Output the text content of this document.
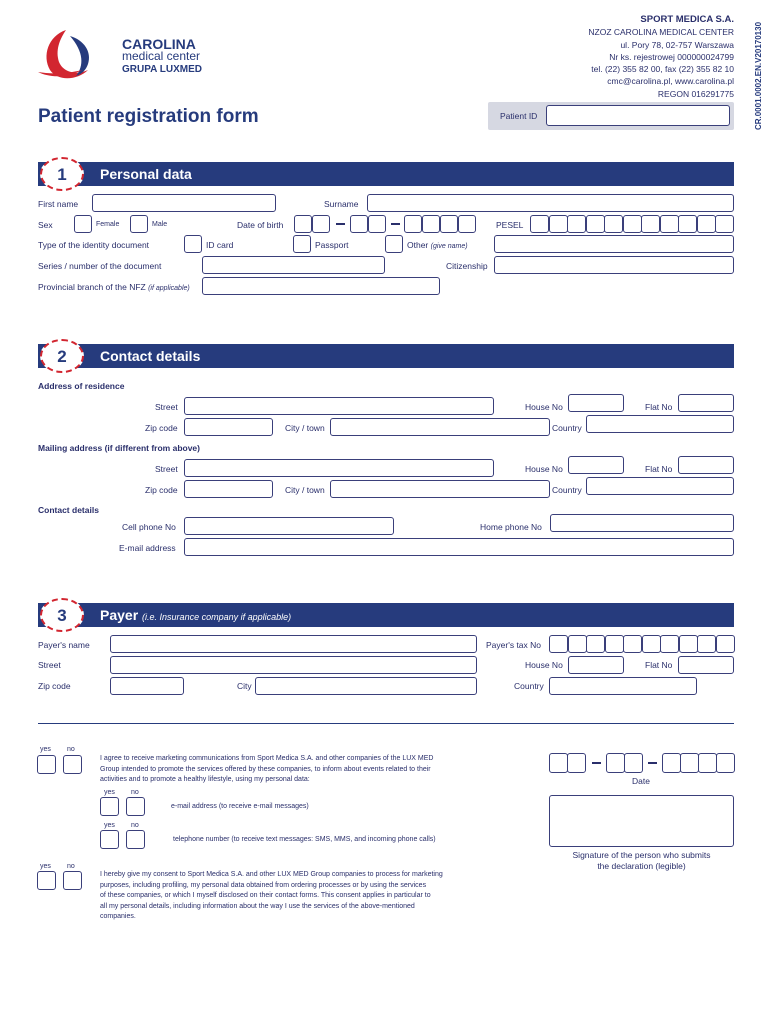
CAROLINA
medical center
GRUPA LUXMED
SPORT MEDICA S.A.
NZOZ CAROLINA MEDICAL CENTER
ul. Pory 78, 02-757 Warszawa
Nr ks. rejestrowej 000000024799
tel. (22) 355 82 00, fax (22) 355 82 10
cmc@carolina.pl, www.carolina.pl
REGON 016291775	CR.0001.0002.EN.V20170130
Patient registration form	Patient ID
Personal data
1
First name	Surname
Sex	Female	Male	Date of birth	PESEL
Type of the identity document	ID card	Passport	Other (give name)
Series / number of the document	Citizenship
Provincial branch of the NFZ (if applicable)
Contact details
2
Address of residence
Street	House No	Flat No
Zip code	City / town	Country
Mailing address (if different from above)
Street	House No	Flat No
Zip code	City / town	Country
Contact details
Cell phone No	Home phone No
E-mail address
Payer (i.e. Insurance company if applicable)
3
Payer's name	Payer's tax No
Street	House No	Flat No
Zip code	City	Country
yes no
I agree to receive marketing communications from Sport Medica S.A. and other companies of the LUX MED
Group intended to promote the services offered by these companies, to inform about events related to their
activities and to promote a healthy lifestyle, using my personal data:
yes no
e-mail address (to receive e-mail messages)
yes no
telephone number (to receive text messages: SMS, MMS, and incoming phone calls)
yes no
I hereby give my consent to Sport Medica S.A. and other LUX MED Group companies to process for marketing
purposes, including profiling, my personal data obtained from ordering processes or by using the services
of these companies, or which I myself disclosed on their contact forms. This consent applies in particular to
all my personal details, including information about the way I use the services of the above-mentioned
companies.
Date
Signature of the person who submits
the declaration (legible)
